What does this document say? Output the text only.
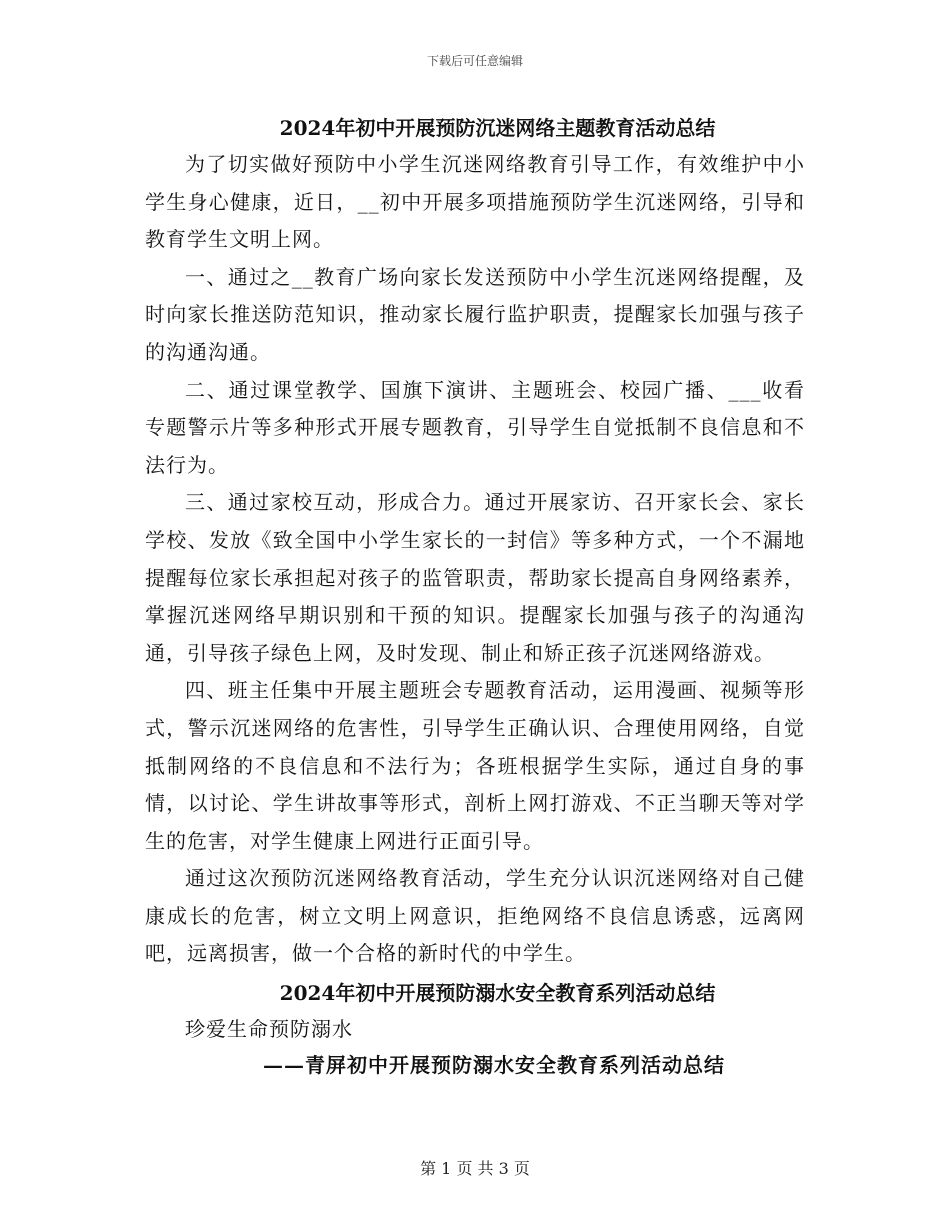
下载后可任意编辑
2024年初中开展预防沉迷网络主题教育活动总结

为了切实做好预防中小学生沉迷网络教育引导工作，有效维护中小学生身心健康，近日，__初中开展多项措施预防学生沉迷网络，引导和教育学生文明上网。

一、通过之__教育广场向家长发送预防中小学生沉迷网络提醒，及时向家长推送防范知识，推动家长履行监护职责，提醒家长加强与孩子的沟通沟通。

二、通过课堂教学、国旗下演讲、主题班会、校园广播、___收看专题警示片等多种形式开展专题教育，引导学生自觉抵制不良信息和不法行为。

三、通过家校互动，形成合力。通过开展家访、召开家长会、家长学校、发放《致全国中小学生家长的一封信》等多种方式，一个不漏地提醒每位家长承担起对孩子的监管职责，帮助家长提高自身网络素养，掌握沉迷网络早期识别和干预的知识。提醒家长加强与孩子的沟通沟通，引导孩子绿色上网，及时发现、制止和矫正孩子沉迷网络游戏。

四、班主任集中开展主题班会专题教育活动，运用漫画、视频等形式，警示沉迷网络的危害性，引导学生正确认识、合理使用网络，自觉抵制网络的不良信息和不法行为；各班根据学生实际，通过自身的事情，以讨论、学生讲故事等形式，剖析上网打游戏、不正当聊天等对学生的危害，对学生健康上网进行正面引导。

通过这次预防沉迷网络教育活动，学生充分认识沉迷网络对自己健康成长的危害，树立文明上网意识，拒绝网络不良信息诱惑，远离网吧，远离损害，做一个合格的新时代的中学生。

2024年初中开展预防溺水安全教育系列活动总结

珍爱生命预防溺水

——青屏初中开展预防溺水安全教育系列活动总结

第 1 页 共 3 页
